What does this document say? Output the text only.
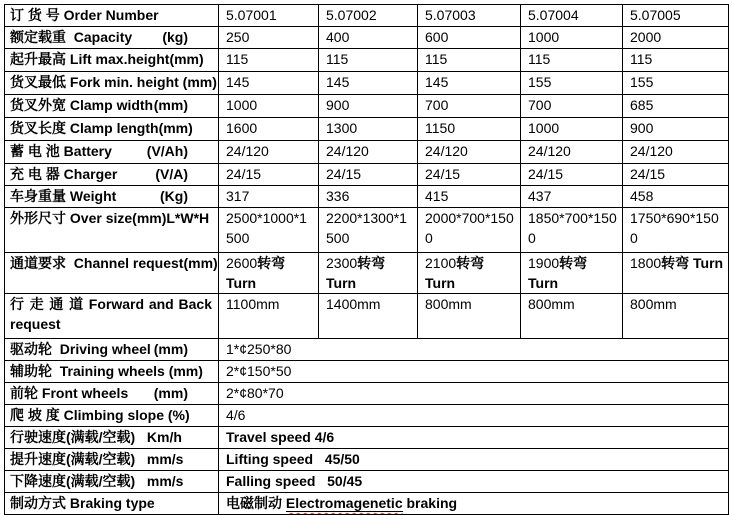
订 货 号 Order Number	5.07001	5.07002	5.07003	5.07004	5.07005

额定载重  Capacity (kg)	250	400	600	1000	2000

起升最高 Lift max.height(mm)	115	115	115	115	115

货叉最低 Fork min. height (mm)	145	145	145	155	155

货叉外宽 Clamp width (mm)	1000	900	700	700	685

货叉长度 Clamp length (mm)	1600	1300	1150	1000	900

蓄 电 池 Battery (V/Ah)	24/120	24/120	24/120	24/120	24/120

充 电 器 Charger (V/A)	24/15	24/15	24/15	24/15	24/15

车身重量 Weight (Kg)	317	336	415	437	458

外形尺寸 Over size(mm)L*W*H	2500*1000*1500	2200*1300*1500	2000*700*1500	1850*700*1500	1750*690*1500

通道要求  Channel request(mm)	2600转弯 Turn	2300转弯 Turn	2100转弯 Turn	1900转弯 Turn	1800转弯 Turn

行 走 通 道 Forward and Back
request	1100mm	1400mm	800mm	800mm	800mm

驱动轮  Driving wheel (mm)	1*¢250*80				

辅助轮  Training wheels (mm)	2*¢150*50				

前轮 Front wheels (mm)	2*¢80*70				

爬 坡 度 Climbing slope (%)	4/6				

行驶速度(满载/空载)   Km/h	Travel speed 4/6				

提升速度(满载/空载)   mm/s	Lifting speed   45/50				

下降速度(满载/空载)   mm/s	Falling speed   50/45				

制动方式 Braking type	电磁制动 Electromagenetic braking				
